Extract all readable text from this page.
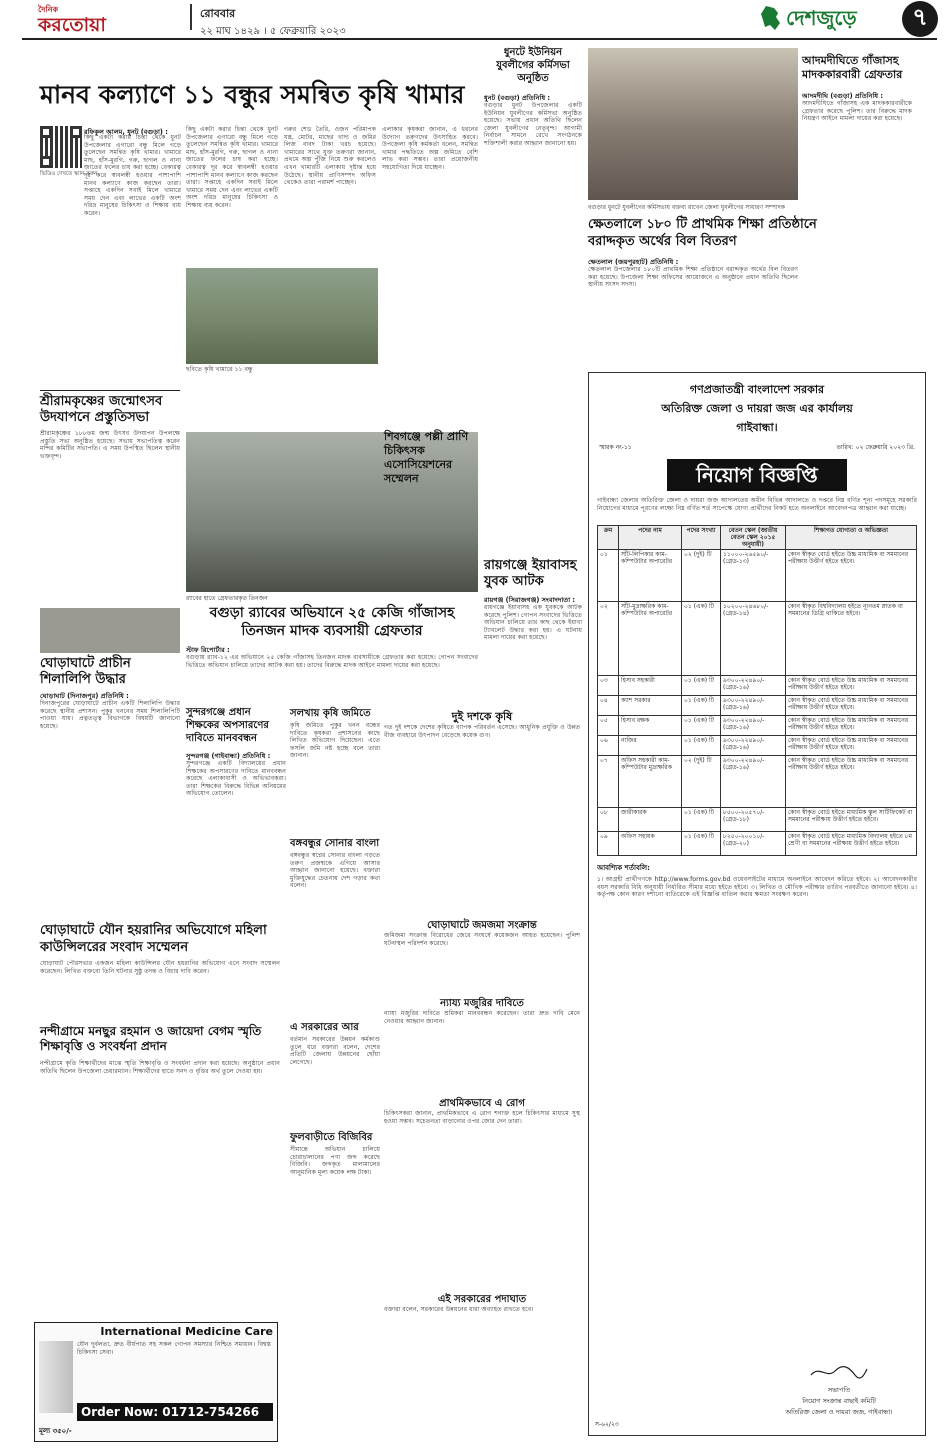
দৈনিক
করতোয়া
রোববার
২২ মাঘ ১৪২৯ । ৫ ফেব্রুয়ারি ২০২৩
দেশজুড়ে	৭
মানব কল্যাণে ১১ বন্ধুর সমন্বিত কৃষি খামার
ভিডিও দেখতে স্ক্যান করুন
রফিকুল আলম, ধুনট (বগুড়া) :
কিছু একটা করার চিন্তা থেকে ধুনট উপজেলার এগারো বন্ধু মিলে গড়ে তুলেছেন সমন্বিত কৃষি খামার। খামারে মাছ, হাঁস-মুরগি, গরু, ছাগল ও নানা জাতের ফলের চাষ করা হচ্ছে। বেকারত্ব দূর করে স্বাবলম্বী হওয়ার পাশাপাশি মানব কল্যাণে কাজ করছেন তারা। সপ্তাহে একদিন সবাই মিলে খামারে সময় দেন এবং লাভের একটি অংশ দরিদ্র মানুষের চিকিৎসা ও শিক্ষায় ব্যয় করেন।
কিছু একটা করার চিন্তা থেকে ধুনট উপজেলার এগারো বন্ধু মিলে গড়ে তুলেছেন সমন্বিত কৃষি খামার। খামারে মাছ, হাঁস-মুরগি, গরু, ছাগল ও নানা জাতের ফলের চাষ করা হচ্ছে। বেকারত্ব দূর করে স্বাবলম্বী হওয়ার পাশাপাশি মানব কল্যাণে কাজ করছেন তারা। সপ্তাহে একদিন সবাই মিলে খামারে সময় দেন এবং লাভের একটি অংশ দরিদ্র মানুষের চিকিৎসা ও শিক্ষায় ব্যয় করেন।
গরুর শেড তৈরি, ওজন পরিমাপক যন্ত্র, মোটর, মাছের খাদ্য ও জমির লিজ বাবদ টাকা খরচ হয়েছে। খামারের সাথে যুক্ত তরুণরা জানান, প্রথমে অল্প পুঁজি নিয়ে শুরু করলেও এখন খামারটি এলাকায় দৃষ্টান্ত হয়ে উঠেছে। স্থানীয় প্রাণিসম্পদ অফিস থেকেও তারা পরামর্শ পাচ্ছেন।
এলাকার কৃষকরা জানান, এ ধরনের উদ্যোগ তরুণদের উৎসাহিত করবে। উপজেলা কৃষি কর্মকর্তা বলেন, সমন্বিত খামার পদ্ধতিতে অল্প জমিতে বেশি লাভ করা সম্ভব। তারা প্রয়োজনীয় সহযোগিতা দিয়ে যাচ্ছেন।
ছবিতে কৃষি খামারে ১১ বন্ধু
শ্রীরামকৃষ্ণের জন্মোৎসব উদযাপনে প্রস্তুতিসভা
শ্রীরামকৃষ্ণের ১৮৮তম জন্ম উৎসব উদযাপন উপলক্ষে প্রস্তুতি সভা অনুষ্ঠিত হয়েছে। সভায় সভাপতিত্ব করেন মন্দির কমিটির সভাপতি। এ সময় উপস্থিত ছিলেন স্থানীয় ভক্তবৃন্দ।
ঘোড়াঘাটে প্রাচীন শিলালিপি উদ্ধার
ঘোড়াঘাট (দিনাজপুর) প্রতিনিধি :
দিনাজপুরের ঘোড়াঘাটে প্রাচীন একটি শিলালিপি উদ্ধার করেছে স্থানীয় প্রশাসন। পুকুর খননের সময় শিলালিপিটি পাওয়া যায়। প্রত্নতত্ত্ব বিভাগকে বিষয়টি জানানো হয়েছে।
র‍্যাবের হাতে গ্রেফতারকৃত তিনজন
বগুড়া র‍্যাবের অভিযানে ২৫ কেজি গাঁজাসহ তিনজন মাদক ব্যবসায়ী গ্রেফতার
স্টাফ রিপোর্টার :
বগুড়ায় র‍্যাব-১২ এর অভিযানে ২৫ কেজি গাঁজাসহ তিনজন মাদক ব্যবসায়ীকে গ্রেফতার করা হয়েছে। গোপন সংবাদের ভিত্তিতে অভিযান চালিয়ে তাদের আটক করা হয়। তাদের বিরুদ্ধে মাদক আইনে মামলা দায়ের করা হয়েছে।
শিবগঞ্জে পল্লী প্রাণি চিকিৎসক এসোসিয়েশনের সম্মেলন
রায়গঞ্জে ইয়াবাসহ যুবক আটক
রায়গঞ্জ (সিরাজগঞ্জ) সংবাদদাতা :
রায়গঞ্জে ইয়াবাসহ এক যুবককে আটক করেছে পুলিশ। গোপন সংবাদের ভিত্তিতে অভিযান চালিয়ে তার কাছ থেকে ইয়াবা ট্যাবলেট উদ্ধার করা হয়। এ ঘটনায় মামলা দায়ের করা হয়েছে।
সুন্দরগঞ্জে প্রধান শিক্ষকের অপসারণের দাবিতে মানববন্ধন
সুন্দরগঞ্জ (গাইবান্ধা) প্রতিনিধি :
সুন্দরগঞ্জে একটি বিদ্যালয়ের প্রধান শিক্ষকের অপসারণের দাবিতে মানববন্ধন করেছে এলাকাবাসী ও অভিভাবকরা। তারা শিক্ষকের বিরুদ্ধে বিভিন্ন অনিয়মের অভিযোগ তোলেন।
সলখায় কৃষি জমিতে
কৃষি জমিতে পুকুর খনন বন্ধের দাবিতে কৃষকরা প্রশাসনের কাছে লিখিত অভিযোগ দিয়েছেন। এতে ফসলি জমি নষ্ট হচ্ছে বলে তারা জানান।
বঙ্গবন্ধুর সোনার বাংলা
বঙ্গবন্ধুর স্বপ্নের সোনার বাংলা গড়তে তরুণ প্রজন্মকে এগিয়ে আসার আহ্বান জানানো হয়েছে। বক্তারা মুক্তিযুদ্ধের চেতনায় দেশ গড়ার কথা বলেন।
দুই দশকে কৃষি
গত দুই দশকে দেশের কৃষিতে ব্যাপক পরিবর্তন এসেছে। আধুনিক প্রযুক্তি ও উন্নত বীজ ব্যবহারে উৎপাদন বেড়েছে কয়েক গুণ।
ঘোড়াঘাটে যৌন হয়রানির অভিযোগে মহিলা কাউন্সিলরের সংবাদ সম্মেলন
ঘোড়াঘাট পৌরসভার একজন মহিলা কাউন্সিলর যৌন হয়রানির অভিযোগ এনে সংবাদ সম্মেলন করেছেন। লিখিত বক্তব্যে তিনি ঘটনার সুষ্ঠু তদন্ত ও বিচার দাবি করেন।
নন্দীগ্রামে মনছুর রহমান ও জায়েদা বেগম স্মৃতি শিক্ষাবৃত্তি ও সংবর্ধনা প্রদান
নন্দীগ্রামে কৃতি শিক্ষার্থীদের মাঝে স্মৃতি শিক্ষাবৃত্তি ও সংবর্ধনা প্রদান করা হয়েছে। অনুষ্ঠানে প্রধান অতিথি ছিলেন উপজেলা চেয়ারম্যান। শিক্ষার্থীদের হাতে সনদ ও বৃত্তির অর্থ তুলে দেওয়া হয়।
এ সরকারের আর
বর্তমান সরকারের উন্নয়ন কর্মকাণ্ড তুলে ধরে বক্তারা বলেন, দেশের প্রতিটি জেলায় উন্নয়নের ছোঁয়া লেগেছে।
ফুলবাড়ীতে বিজিবির
সীমান্তে অভিযান চালিয়ে চোরাচালানের পণ্য জব্দ করেছে বিজিবি। জব্দকৃত মালামালের আনুমানিক মূল্য কয়েক লক্ষ টাকা।
ঘোড়াঘাটে জমজমা সংক্রান্ত
জমিজমা সংক্রান্ত বিরোধের জেরে সংঘর্ষে কয়েকজন আহত হয়েছেন। পুলিশ ঘটনাস্থল পরিদর্শন করেছে।
ন্যায্য মজুরির দাবিতে
ন্যায্য মজুরির দাবিতে শ্রমিকরা মানববন্ধন করেছেন। তারা দ্রুত দাবি মেনে নেওয়ার আহ্বান জানান।
প্রাথমিকভাবে এ রোগ
চিকিৎসকরা জানান, প্রাথমিকভাবে এ রোগ শনাক্ত হলে চিকিৎসার মাধ্যমে সুস্থ হওয়া সম্ভব। সচেতনতা বাড়ানোর ওপর জোর দেন তারা।
এই সরকারের পদাঘাত
বক্তারা বলেন, সরকারের উন্নয়নের ধারা অব্যাহত রাখতে হবে।
ধুনটে ইউনিয়ন যুবলীগের কর্মিসভা অনুষ্ঠিত
ধুনট (বগুড়া) প্রতিনিধি :
বগুড়ার ধুনট উপজেলার একটি ইউনিয়ন যুবলীগের কর্মিসভা অনুষ্ঠিত হয়েছে। সভায় প্রধান অতিথি ছিলেন জেলা যুবলীগের নেতৃবৃন্দ। আগামী নির্বাচন সামনে রেখে সংগঠনকে শক্তিশালী করার আহ্বান জানানো হয়।
বগুড়ার ধুনটে যুবলীগের কর্মিসভায় বক্তব্য রাখেন জেলা যুবলীগের সাধারণ সম্পাদক
আদমদীঘিতে গাঁজাসহ মাদককারবারী গ্রেফতার
আদমদীঘি (বগুড়া) প্রতিনিধি :
আদমদীঘিতে গাঁজাসহ এক মাদককারবারীকে গ্রেফতার করেছে পুলিশ। তার বিরুদ্ধে মাদক নিয়ন্ত্রণ আইনে মামলা দায়ের করা হয়েছে।
ক্ষেতলালে ১৮০ টি প্রাথমিক শিক্ষা প্রতিষ্ঠানে বরাদ্দকৃত অর্থের বিল বিতরণ
ক্ষেতলাল (জয়পুরহাট) প্রতিনিধি :
ক্ষেতলাল উপজেলার ১৮০টি প্রাথমিক শিক্ষা প্রতিষ্ঠানে বরাদ্দকৃত অর্থের বিল বিতরণ করা হয়েছে। উপজেলা শিক্ষা অফিসের আয়োজনে এ অনুষ্ঠানে প্রধান অতিথি ছিলেন স্থানীয় সংসদ সদস্য।
গণপ্রজাতন্ত্রী বাংলাদেশ সরকার
অতিরিক্ত জেলা ও দায়রা জজ এর কার্যালয়
গাইবান্ধা।
স্মারক নং-১১	তারিখ: ০২ ফেব্রুয়ারি ২০২৩ খ্রি.
নিয়োগ বিজ্ঞপ্তি
গাইবান্ধা জেলার অতিরিক্ত জেলা ও দায়রা জজ আদালতের অধীন বিভিন্ন আদালতে ও দপ্তরে নিম্ন বর্ণিত শূন্য পদসমূহে সরকারি নিয়োগের মাধ্যমে পূরণের লক্ষ্যে নিম্ন বর্ণিত শর্ত সাপেক্ষে যোগ্য প্রার্থীদের নিকট হতে অনলাইনে আবেদনপত্র আহ্বান করা যাচ্ছে।
ক্রম	পদের নাম	পদের সংখ্যা	বেতন স্কেল (জাতীয় বেতন স্কেল ২০১৫ অনুযায়ী)	শিক্ষাগত যোগ্যতা ও অভিজ্ঞতা
০১	সাঁট-লিপিকার কাম-কম্পিউটার অপারেটর	০২ (দুই) টি	১১০০০-২৬৫৯০/- (গ্রেড-১৩)	কোন স্বীকৃত বোর্ড হইতে উচ্চ মাধ্যমিক বা সমমানের পরীক্ষায় উত্তীর্ণ হইতে হইবে।
০২	সাঁট-মুদ্রাক্ষরিক কাম-কম্পিউটার অপারেটর	০১ (এক) টি	১০২০০-২৪৬৮০/- (গ্রেড-১৪)	কোন স্বীকৃত বিশ্ববিদ্যালয় হইতে ন্যূনতম স্নাতক বা সমমানের ডিগ্রি থাকিতে হইবে।
০৩	হিসাব সহকারী	০১ (এক) টি	৯৩০০-২২৪৯০/- (গ্রেড-১৬)	কোন স্বীকৃত বোর্ড হইতে উচ্চ মাধ্যমিক বা সমমানের পরীক্ষায় উত্তীর্ণ হইতে হইবে।
০৪	ক্যাশ সরকার	০১ (এক) টি	৯৩০০-২২৪৯০/- (গ্রেড-১৬)	কোন স্বীকৃত বোর্ড হইতে উচ্চ মাধ্যমিক বা সমমানের পরীক্ষায় উত্তীর্ণ হইতে হইবে।
০৫	হিসাব রক্ষক	০১ (এক) টি	৯৩০০-২২৪৯০/- (গ্রেড-১৬)	কোন স্বীকৃত বোর্ড হইতে উচ্চ মাধ্যমিক বা সমমানের পরীক্ষায় উত্তীর্ণ হইতে হইবে।
০৬	নাজির	০১ (এক) টি	৯৩০০-২২৪৯০/- (গ্রেড-১৬)	কোন স্বীকৃত বোর্ড হইতে উচ্চ মাধ্যমিক বা সমমানের পরীক্ষায় উত্তীর্ণ হইতে হইবে।
০৭	অফিস সহকারী কাম-কম্পিউটার মুদ্রাক্ষরিক	০২ (দুই) টি	৯৩০০-২২৪৯০/- (গ্রেড-১৬)	কোন স্বীকৃত বোর্ড হইতে উচ্চ মাধ্যমিক বা সমমানের পরীক্ষায় উত্তীর্ণ হইতে হইবে।
০৮	জারীকারক	০১ (এক) টি	৮৫০০-২০৫৭০/- (গ্রেড-১৮)	কোন স্বীকৃত বোর্ড হইতে মাধ্যমিক স্কুল সার্টিফিকেট বা সমমানের পরীক্ষায় উত্তীর্ণ হইতে হইবে।
০৯	অফিস সহায়ক	০১ (এক) টি	৮২৫০-২০০১০/- (গ্রেড-২০)	কোন স্বীকৃত বোর্ড হইতে মাধ্যমিক বিদ্যালয় হইতে ৮ম শ্রেণী বা সমমানের পরীক্ষায় উত্তীর্ণ হইতে হইবে।
আবশ্যিক শর্তাবলি:
১। আগ্রহী প্রার্থীগণকে http://www.forms.gov.bd ওয়েবসাইটের মাধ্যমে অনলাইনে আবেদন করিতে হইবে। ২। আবেদনকারীর বয়স সরকারি বিধি অনুযায়ী নির্ধারিত সীমার মধ্যে হইতে হইবে। ৩। লিখিত ও মৌখিক পরীক্ষার তারিখ পরবর্তীতে জানানো হইবে। ৪। কর্তৃপক্ষ কোন কারণ দর্শানো ব্যতিরেকে এই বিজ্ঞপ্তি বাতিল করার ক্ষমতা সংরক্ষণ করেন।
সভাপতি
নিয়োগ সংক্রান্ত বাছাই কমিটি
অতিরিক্ত জেলা ও দায়রা জজ, গাইবান্ধা।
স-৬২/২৩
International Medicine Care
যৌন দুর্বলতা, দ্রুত বীর্যপাত সহ সকল গোপন সমস্যার নিশ্চিত সমাধান। বিশ্বস্ত চিকিৎসা সেবা।
Order Now: 01712-754266
মূল্য ৩৫০/-
